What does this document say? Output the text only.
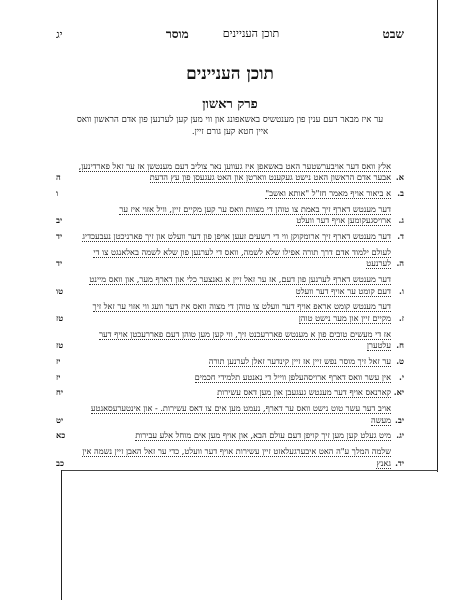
שבט
תוכן העניינים
מוסר
יג
תוכן העניינים
פרק ראשון
ער איז מבאר דעם ענין פון מענטשיס באשאפונג און ווי מען קען לערנען פון אדם הראשון וואס איין חטא קען גורם זיין.
א.
אלץ וואס דער אויבערשטער האט באשאפן איז געווען נאר צוליב דעם מענטשן אז ער זאל פארדינען, אבער אדם הראשון האט נישט געקענט ווארטן און האט געגעסן פון עץ הדעת
ה
ב.
א ביאור אויף מאמר חז"ל "אותא ואשב"
ו
ג.
דער מענטש דארף זיך באמת צו טוהן די מצוות וואס ער קען מקיים זיין, וויל אזוי איז ער ארויסגעקומען אויף דער וועלט
יב
ד.
דער מענטש דארף זיך ארומקוקן ווי די רשעים זעען אויפן פון דער וועלט און זיך פארניכטן נעבעכדיג
יד
ה.
לעולם ילמוד אדם דרך תורה אפילו שלא לשמה, וואס די לערנען פון שלא לשמה באלאנגט צו די לערנעט
יד
ו.
דער מענטש דארף לערנען פון דעם, אז ער זאל זיין א גאנצער כלי און דארף מער, און וואס מיינט דעם קומט ער אויף דער וועלט
טו
ז.
דער מענטש קומט אראפ אויף דער וועלט צו טוהן די מצוה וואס איז דער וועג ווי אזוי ער זאל זיך מקיים זיין און מער נישט טוהן
טז
ח.
אז די מעשים טובים פון א מענטש פאררעכנט זיך, ווי קען מען טוהן דעם פאררעכטן אויף דער עלטערן
טז
ט.
ער זאל זיך מוסר נפש זיין אז זיין קינדער זאלן לערנען תורה
יז
י.
אין עשר וואס דארף ארויסהעלפן ווייל די נאנטע תלמידי חכמים
יז
יא.
קארנאס אויף דער מענטש געגעבן און מען דאס עשירות
יח
יב.
אויב דער עשר טוט נישט וואס ער דארף, נעמט מען אים צו דאס עשירות. - און אינטערעסאנטע מעשה
יט
יג.
מיט געלט קען מען זיך קויפן דעם עולם הבא, און אויף מען אים מוחל אלע עבירות
כא
יד.
שלמה המלך ע"ה האט איבערגעלאזט זיין עשירות אויף דער וועלט, כדי ער זאל האבן זיין נשמה אין גאנץ
כב
